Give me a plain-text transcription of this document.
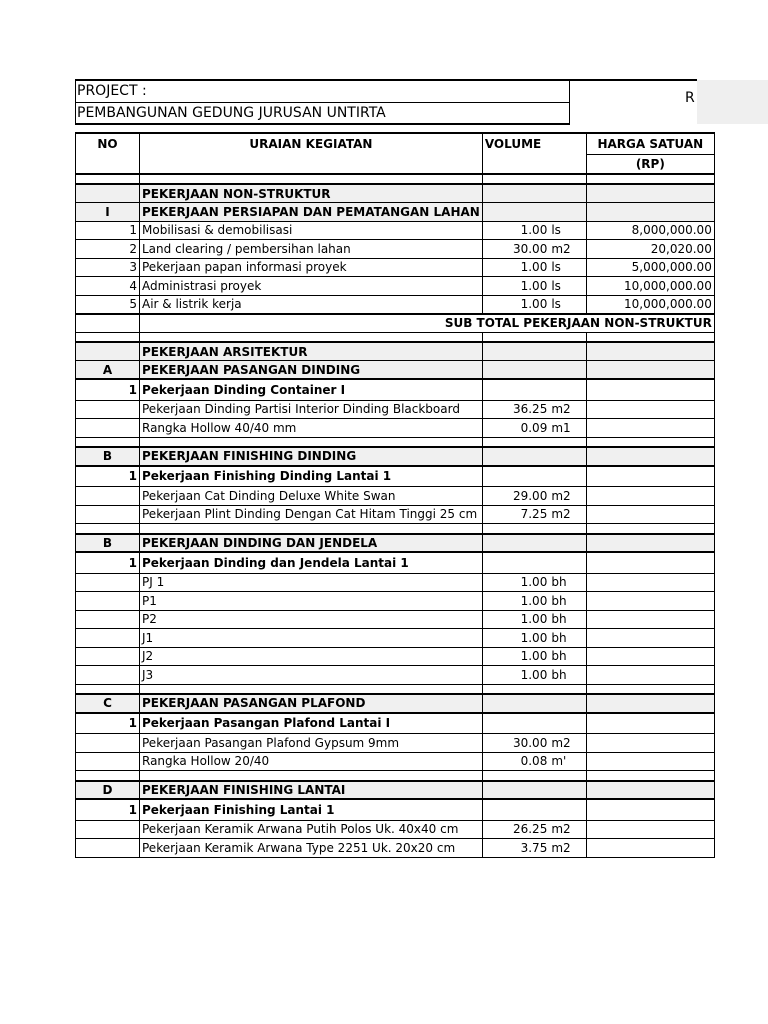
R
PROJECT :
PEMBANGUNAN GEDUNG JURUSAN UNTIRTA
NO	URAIAN KEGIATAN	VOLUME		HARGA SATUAN
				(RP)

	PEKERJAAN NON-STRUKTUR			
I	PEKERJAAN PERSIAPAN DAN PEMATANGAN LAHAN			
1	Mobilisasi & demobilisasi	1.00	ls	8,000,000.00
2	Land clearing / pembersihan lahan	30.00	m2	20,020.00
3	Pekerjaan papan informasi proyek	1.00	ls	5,000,000.00
4	Administrasi proyek	1.00	ls	10,000,000.00
5	Air & listrik kerja	1.00	ls	10,000,000.00
	SUB TOTAL PEKERJAAN NON-STRUKTUR			

	PEKERJAAN ARSITEKTUR			
A	PEKERJAAN PASANGAN DINDING			
1	Pekerjaan Dinding Container I			
	Pekerjaan Dinding Partisi Interior Dinding Blackboard	36.25	m2	
	Rangka Hollow 40/40 mm	0.09	m1	

B	PEKERJAAN FINISHING DINDING			
1	Pekerjaan Finishing Dinding Lantai 1			
	Pekerjaan Cat Dinding Deluxe White Swan	29.00	m2	
	Pekerjaan Plint Dinding Dengan Cat Hitam Tinggi 25 cm	7.25	m2	

B	PEKERJAAN DINDING DAN JENDELA			
1	Pekerjaan Dinding dan Jendela Lantai 1			
	PJ 1	1.00	bh	
	P1	1.00	bh	
	P2	1.00	bh	
	J1	1.00	bh	
	J2	1.00	bh	
	J3	1.00	bh	

C	PEKERJAAN PASANGAN PLAFOND			
1	Pekerjaan Pasangan Plafond Lantai I			
	Pekerjaan Pasangan Plafond Gypsum 9mm	30.00	m2	
	Rangka Hollow 20/40	0.08	m'	

D	PEKERJAAN FINISHING LANTAI			
1	Pekerjaan Finishing Lantai 1			
	Pekerjaan Keramik Arwana Putih Polos Uk. 40x40 cm	26.25	m2	
	Pekerjaan Keramik Arwana Type 2251 Uk. 20x20 cm	3.75	m2	
